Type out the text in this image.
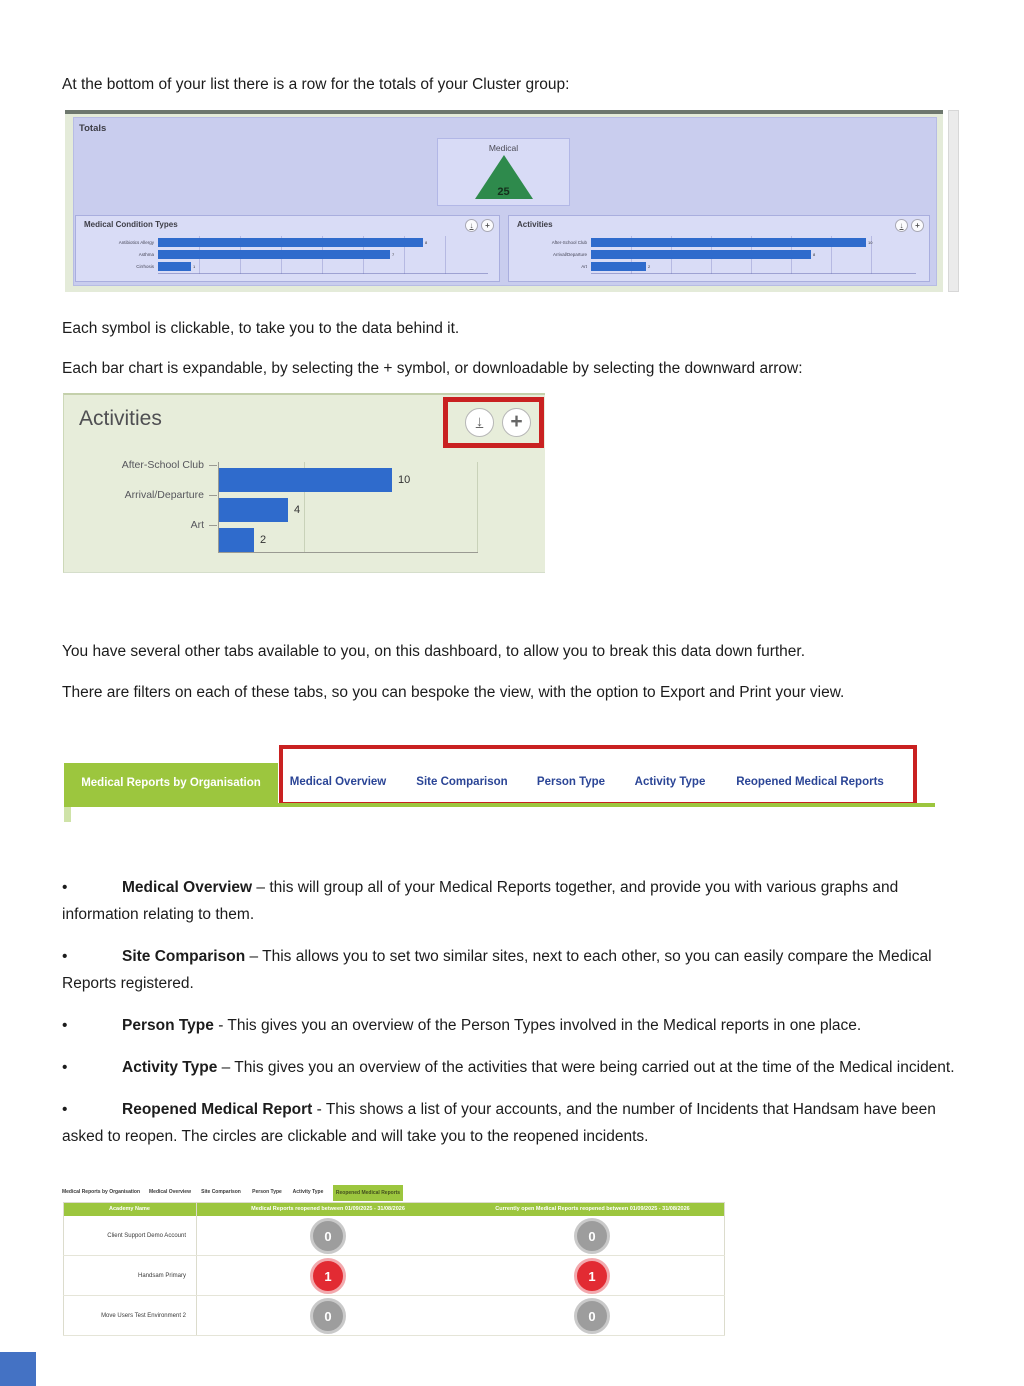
At the bottom of your list there is a row for the totals of your Cluster group:

Totals
Medical
25
Medical Condition Types	↓	+
Antibiotics Allergy	8
Asthma	7
Cirrhosis	1
Activities	↓	+
After-School Club	10
Arrival/Departure	8
Art	2

Each symbol is clickable, to take you to the data behind it.

Each bar chart is expandable, by selecting the + symbol, or downloadable by selecting the downward arrow:

Activities	↓	+
After-School Club
10
Arrival/Departure
4
Art
2

You have several other tabs available to you, on this dashboard, to allow you to break this data down further.

There are filters on each of these tabs, so you can bespoke the view, with the option to Export and Print your view.

Medical Reports by Organisation	Medical Overview	Site Comparison	Person Type	Activity Type	Reopened Medical Reports

•	Medical Overview – this will group all of your Medical Reports together, and provide you with various graphs and information relating to them.

•	Site Comparison – This allows you to set two similar sites, next to each other, so you can easily compare the Medical Reports registered.

•	Person Type - This gives you an overview of the Person Types involved in the Medical reports in one place.

•	Activity Type – This gives you an overview of the activities that were being carried out at the time of the Medical incident.

•	Reopened Medical Report - This shows a list of your accounts, and the number of Incidents that Handsam have been asked to reopen. The circles are clickable and will take you to the reopened incidents.

Medical Reports by Organisation Medical Overview Site Comparison Person Type Activity Type	Reopened Medical Reports
Academy Name	Medical Reports reopened between 01/09/2025 - 31/08/2026	Currently open Medical Reports reopened between 01/09/2025 - 31/08/2026
Client Support Demo Account	0	0
Handsam Primary	1	1
Move Users Test Environment 2	0	0
